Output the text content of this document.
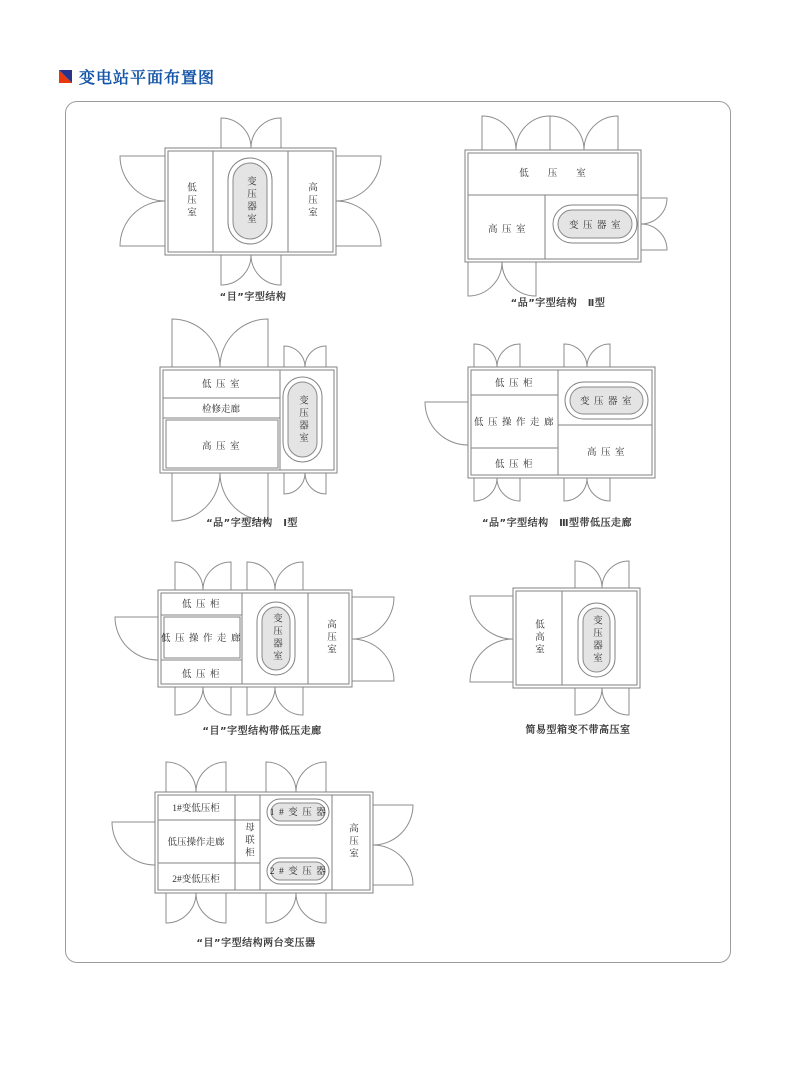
变电站平面布置图
低压室	变压器室	高压室
“目”字型结构
低压室
高压室	变压器室
“品”字型结构　Ⅱ型
低压室
检修走廊
高压室
变压器室
“品”字型结构　Ⅰ型
低压柜
低压操作走廊
低压柜
变压器室
高压室
“品”字型结构　Ⅲ型带低压走廊
低压柜
低压操作走廊
低压柜
变压器室	高压室
“目”字型结构带低压走廊
低高室	变压器室
简易型箱变不带高压室
1#变低压柜
低压操作走廊
2#变低压柜
母联柜
1#变压器
2#变压器
高压室
“目”字型结构两台变压器
